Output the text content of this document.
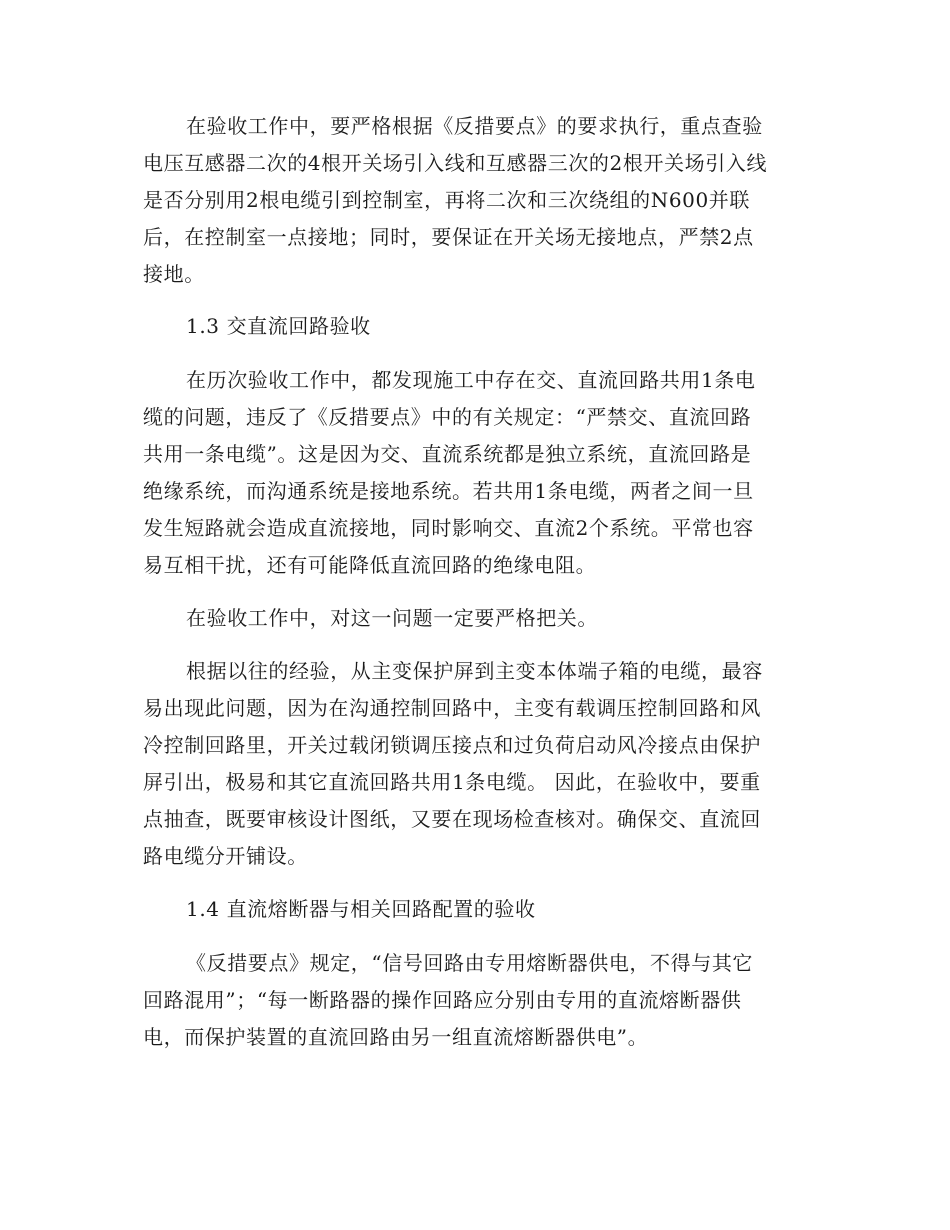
在验收工作中，要严格根据《反措要点》的要求执行，重点查验
电压互感器二次的4根开关场引入线和互感器三次的2根开关场引入线
是否分别用2根电缆引到控制室，再将二次和三次绕组的N600并联
后，在控制室一点接地；同时，要保证在开关场无接地点，严禁2点
接地。
1.3 交直流回路验收
在历次验收工作中，都发现施工中存在交、直流回路共用1条电
缆的问题，违反了《反措要点》中的有关规定：“严禁交、直流回路
共用一条电缆”。这是因为交、直流系统都是独立系统，直流回路是
绝缘系统，而沟通系统是接地系统。若共用1条电缆，两者之间一旦
发生短路就会造成直流接地，同时影响交、直流2个系统。平常也容
易互相干扰，还有可能降低直流回路的绝缘电阻。
在验收工作中，对这一问题一定要严格把关。
根据以往的经验，从主变保护屏到主变本体端子箱的电缆，最容
易出现此问题，因为在沟通控制回路中，主变有载调压控制回路和风
冷控制回路里，开关过载闭锁调压接点和过负荷启动风冷接点由保护
屏引出，极易和其它直流回路共用1条电缆。 因此，在验收中，要重
点抽查，既要审核设计图纸，又要在现场检查核对。确保交、直流回
路电缆分开铺设。
1.4 直流熔断器与相关回路配置的验收
《反措要点》规定，“信号回路由专用熔断器供电，不得与其它
回路混用”；“每一断路器的操作回路应分别由专用的直流熔断器供
电，而保护装置的直流回路由另一组直流熔断器供电”。
